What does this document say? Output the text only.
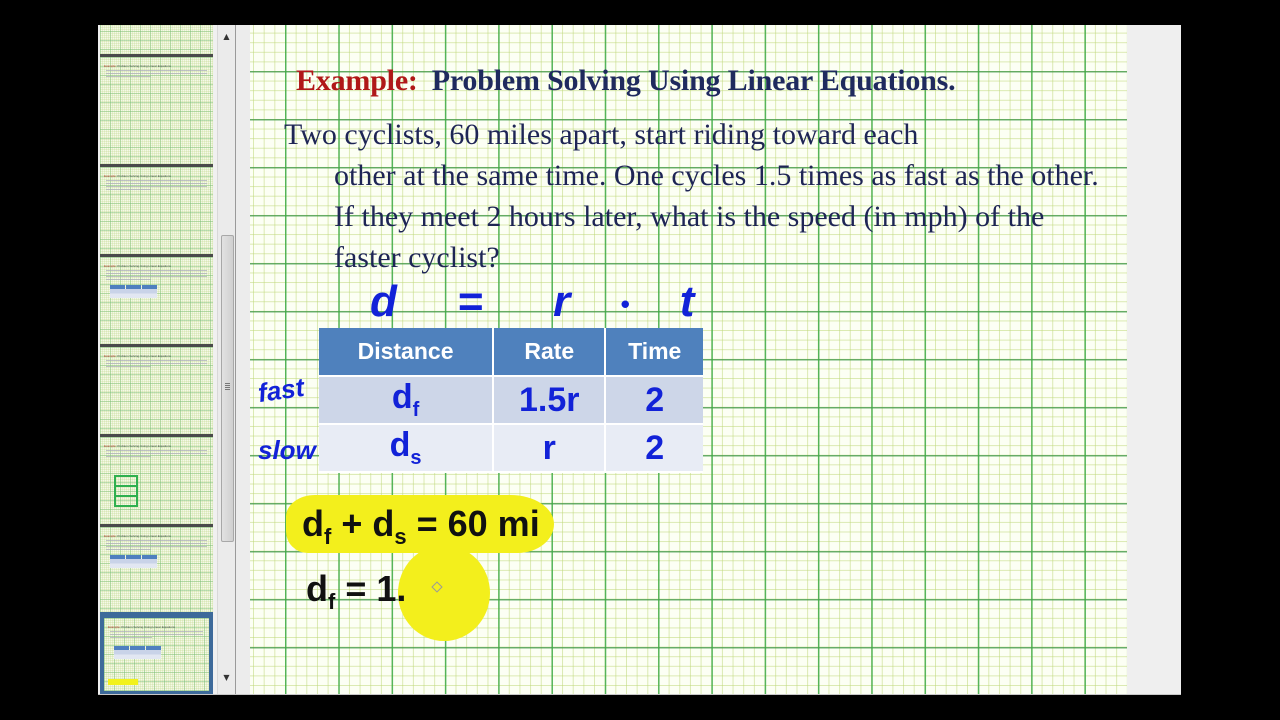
Example: Problem Solving Using Linear Equations
Example: Problem Solving Using Linear Equations
Example: Problem Solving Using Linear Equations
Example: Problem Solving Using Linear Equations
Example: Problem Solving Using Linear Equations
Example: Problem Solving Using Linear Equations
Example: Problem Solving Using Linear Equations
▲
▼
Example: Problem Solving Using Linear Equations.
Two cyclists, 60 miles apart, start riding toward each
other at the same time. One cycles 1.5 times as fast as the other. If they meet 2 hours later, what is the speed (in mph) of the faster cyclist?
d = r • t
Distance	Rate	Time
$d_f$	1.5r	2
$d_s$	r	2
fast
slow
$d_f + d_s = 60$ mi
$d_f = 1$.
